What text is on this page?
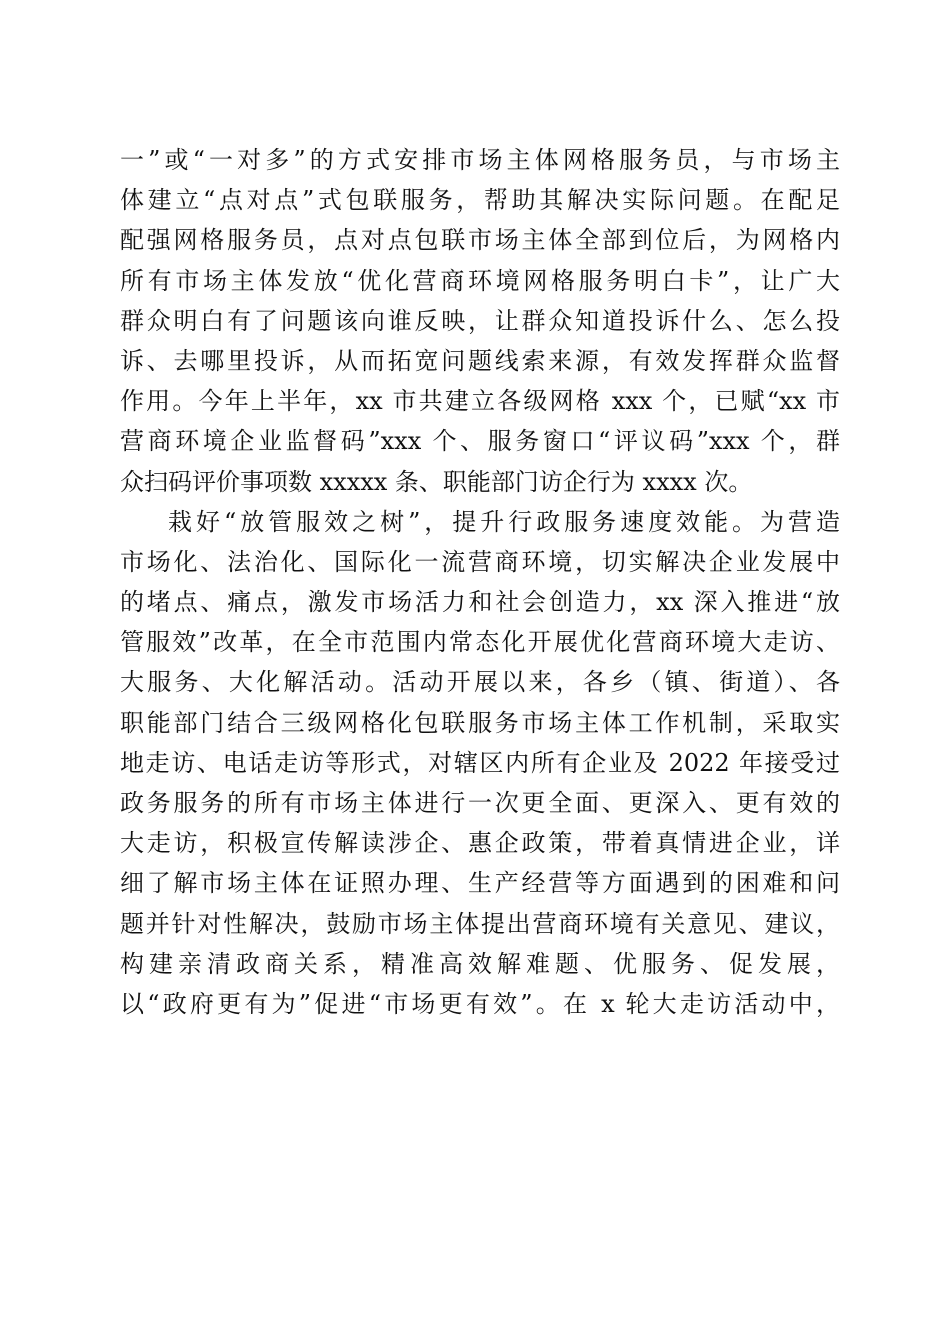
一”或“一对多”的方式安排市场主体网格服务员，与市场主
体建立“点对点”式包联服务，帮助其解决实际问题。在配足
配强网格服务员，点对点包联市场主体全部到位后，为网格内
所有市场主体发放“优化营商环境网格服务明白卡”，让广大
群众明白有了问题该向谁反映，让群众知道投诉什么、怎么投
诉、去哪里投诉，从而拓宽问题线索来源，有效发挥群众监督
作用。今年上半年，xx 市共建立各级网格 xxx 个，已赋“xx 市
营商环境企业监督码”xxx 个、服务窗口“评议码”xxx 个，群
众扫码评价事项数 xxxxx 条、职能部门访企行为 xxxx 次。
栽好“放管服效之树”，提升行政服务速度效能。为营造
市场化、法治化、国际化一流营商环境，切实解决企业发展中
的堵点、痛点，激发市场活力和社会创造力，xx 深入推进“放
管服效”改革，在全市范围内常态化开展优化营商环境大走访、
大服务、大化解活动。活动开展以来，各乡（镇、街道）、各
职能部门结合三级网格化包联服务市场主体工作机制，采取实
地走访、电话走访等形式，对辖区内所有企业及 2022 年接受过
政务服务的所有市场主体进行一次更全面、更深入、更有效的
大走访，积极宣传解读涉企、惠企政策，带着真情进企业，详
细了解市场主体在证照办理、生产经营等方面遇到的困难和问
题并针对性解决，鼓励市场主体提出营商环境有关意见、建议，
构建亲清政商关系，精准高效解难题、优服务、促发展，
以“政府更有为”促进“市场更有效”。在 x 轮大走访活动中，
